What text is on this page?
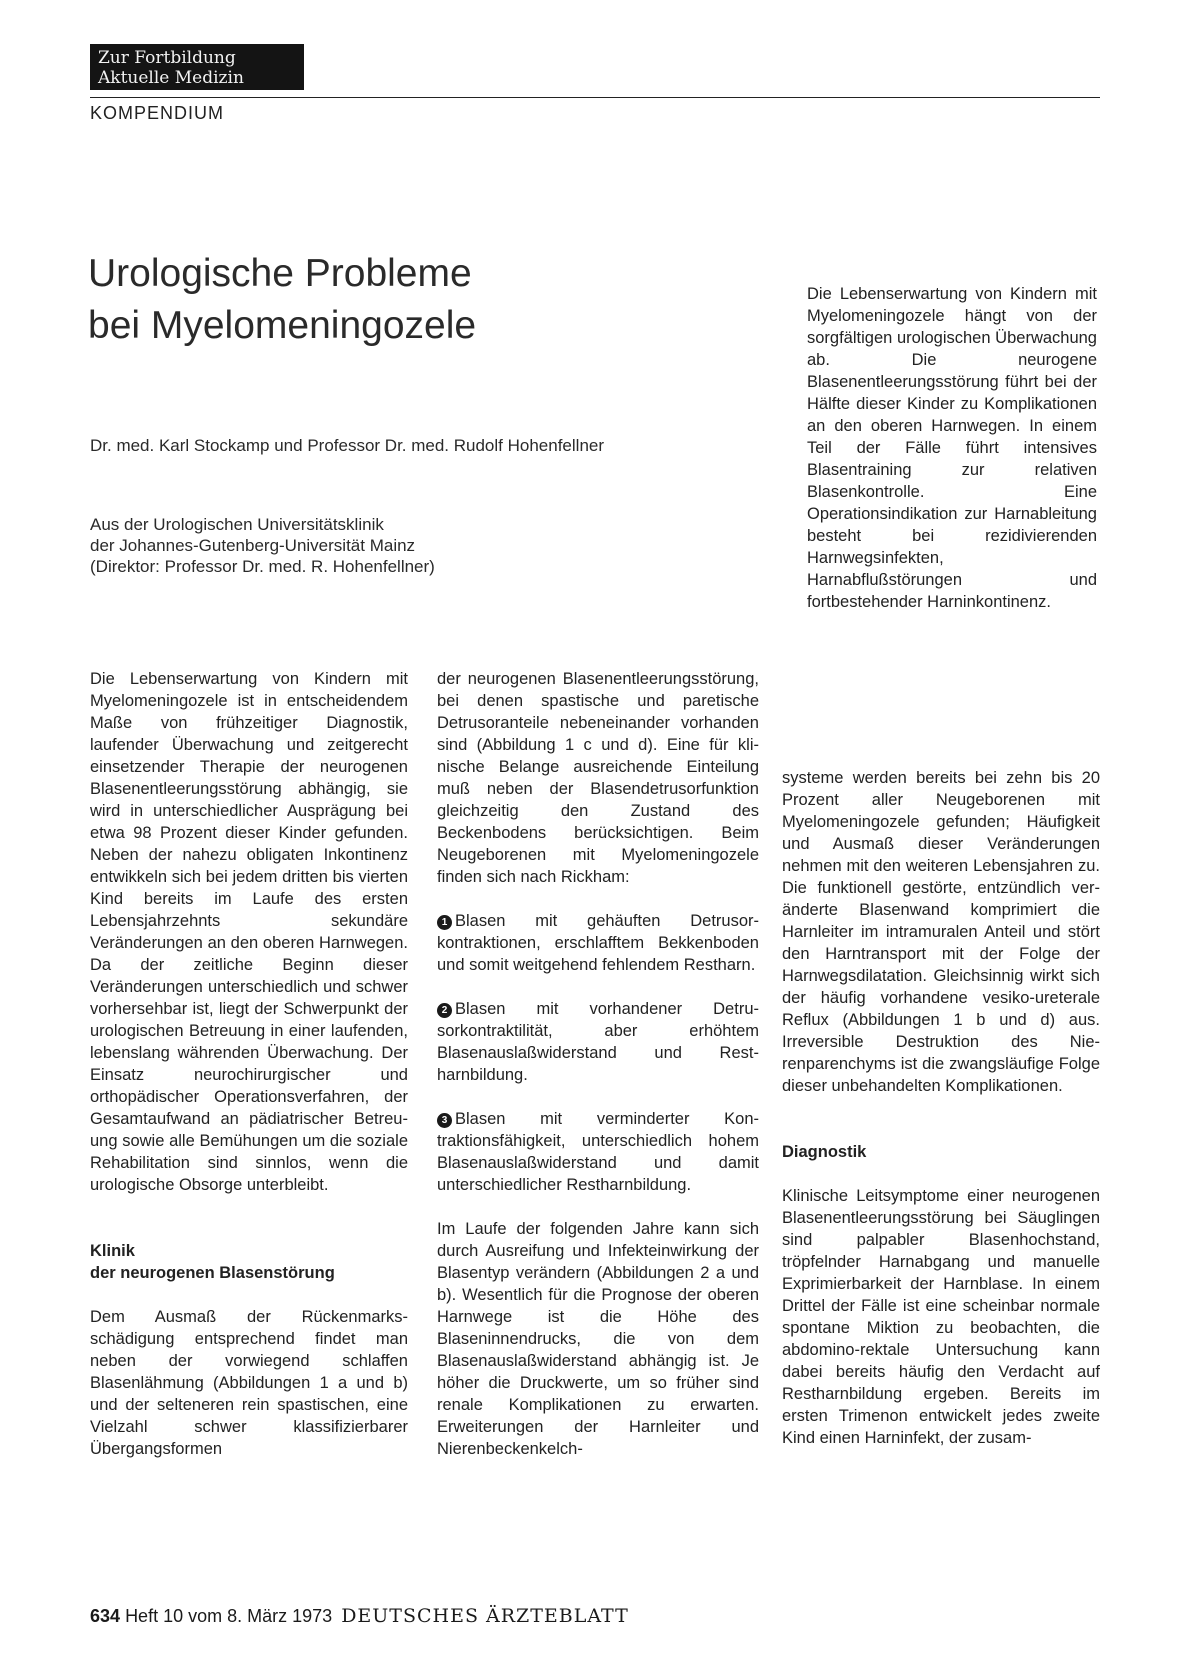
Zur Fortbildung
Aktuelle Medizin
KOMPENDIUM
Urologische Probleme
bei Myelomeningozele
Dr. med. Karl Stockamp und Professor Dr. med. Rudolf Hohenfellner
Aus der Urologischen Universitätsklinik
der Johannes-Gutenberg-Universität Mainz
(Direktor: Professor Dr. med. R. Hohenfellner)
Die Lebenserwartung von Kindern mit Myelomeningozele hängt von der sorgfältigen urologischen Überwachung ab. Die neurogene Blasenentleerungsstörung führt bei der Hälfte dieser Kinder zu Komplikationen an den oberen Harnwegen. In einem Teil der Fälle führt intensives Blasentraining zur relativen Blasenkontrolle. Eine Operationsindikation zur Harnableitung besteht bei rezidivierenden Harnwegsinfekten, Harnabflußstörungen und fortbestehender Harninkontinenz.

Die Lebenserwartung von Kindern mit Myelomeningozele ist in entscheidendem Maße von frühzeitiger Diagnostik, laufender Überwachung und zeitgerecht einsetzender Therapie der neurogenen Blasenentleerungsstörung abhängig, sie wird in unterschiedlicher Ausprägung bei etwa 98 Prozent dieser Kinder gefunden. Neben der nahezu obligaten Inkontinenz entwikkeln sich bei jedem dritten bis vierten Kind bereits im Laufe des ersten Lebensjahrzehnts sekundäre Veränderungen an den oberen Harnwegen. Da der zeitliche Beginn dieser Veränderungen unterschiedlich und schwer vorhersehbar ist, liegt der Schwerpunkt der urologischen Betreuung in einer laufenden, lebenslang währenden Überwachung. Der Einsatz neurochirurgischer und orthopädischer Operationsverfahren, der Gesamtaufwand an pädiatrischer Betreuung sowie alle Bemühungen um die soziale Rehabilitation sind sinnlos, wenn die urologische Obsorge unterbleibt.

Klinik
der neurogenen Blasenstörung

Dem Ausmaß der Rückenmarksschädigung entsprechend findet man neben der vorwiegend schlaffen Blasenlähmung (Abbildungen 1 a und b) und der selteneren rein spastischen, eine Vielzahl schwer klassifizierbarer Übergangsformen

der neurogenen Blasenentleerungsstörung, bei denen spastische und paretische Detrusoranteile nebeneinander vorhanden sind (Abbildung 1 c und d). Eine für klinische Belange ausreichende Einteilung muß neben der Blasendetrusorfunktion gleichzeitig den Zustand des Beckenbodens berücksichtigen. Beim Neugeborenen mit Myelomeningozele finden sich nach Rickham:

1 Blasen mit gehäuften Detrusorkontraktionen, erschlafftem Bekkenboden und somit weitgehend fehlendem Restharn.

2 Blasen mit vorhandener Detrusorkontraktilität, aber erhöhtem Blasenauslaßwiderstand und Restharnbildung.

3 Blasen mit verminderter Kontraktionsfähigkeit, unterschiedlich hohem Blasenauslaßwiderstand und damit unterschiedlicher Restharnbildung.

Im Laufe der folgenden Jahre kann sich durch Ausreifung und Infekteinwirkung der Blasentyp verändern (Abbildungen 2 a und b). Wesentlich für die Prognose der oberen Harnwege ist die Höhe des Blaseninnendrucks, die von dem Blasenauslaßwiderstand abhängig ist. Je höher die Druckwerte, um so früher sind renale Komplikationen zu erwarten. Erweiterungen der Harnleiter und Nierenbeckenkelch-

systeme werden bereits bei zehn bis 20 Prozent aller Neugeborenen mit Myelomeningozele gefunden; Häufigkeit und Ausmaß dieser Veränderungen nehmen mit den weiteren Lebensjahren zu. Die funktionell gestörte, entzündlich veränderte Blasenwand komprimiert die Harnleiter im intramuralen Anteil und stört den Harntransport mit der Folge der Harnwegsdilatation. Gleichsinnig wirkt sich der häufig vorhandene vesiko-ureterale Reflux (Abbildungen 1 b und d) aus. Irreversible Destruktion des Nierenparenchyms ist die zwangsläufige Folge dieser unbehandelten Komplikationen.

Diagnostik

Klinische Leitsymptome einer neurogenen Blasenentleerungsstörung bei Säuglingen sind palpabler Blasenhochstand, tröpfelnder Harnabgang und manuelle Exprimierbarkeit der Harnblase. In einem Drittel der Fälle ist eine scheinbar normale spontane Miktion zu beobachten, die abdomino-rektale Untersuchung kann dabei bereits häufig den Verdacht auf Restharnbildung ergeben. Bereits im ersten Trimenon entwickelt jedes zweite Kind einen Harninfekt, der zusam-

634 Heft 10 vom 8. März 1973 DEUTSCHES ÄRZTEBLATT
